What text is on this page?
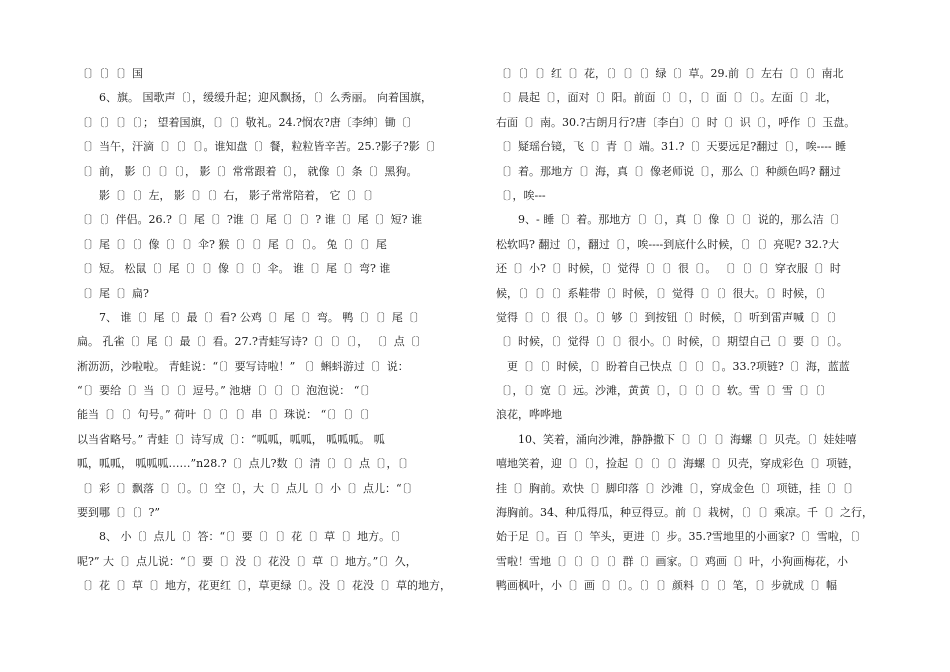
〔〕〔〕〔〕国
　　6、旗。 国歌声〔〕，缓缓升起；迎风飘扬，〔〕么秀丽。 向着国旗，
〔〕〔〕〔〕〔〕； 望着国旗，〔〕〔〕敬礼。24.?悯农?唐〔李绅〕锄〔〕
〔〕当午，汗滴〔〕〔〕〔〕。谁知盘〔〕餐，粒粒皆辛苦。25.?影子?影〔〕
〔〕前， 影〔〕〔〕〔〕， 影〔〕常常跟着〔〕， 就像〔〕条〔〕黑狗。
　　影〔〕〔〕左， 影〔〕〔〕右， 影子常常陪着， 它〔〕〔〕
〔〕〔〕伴侣。26.?〔〕尾〔〕?谁〔〕尾〔〕〔〕? 谁〔〕尾〔〕短? 谁
〔〕尾〔〕〔〕像〔〕〔〕伞? 猴〔〕〔〕尾〔〕〔〕。 兔〔〕〔〕尾
〔〕短。 松鼠〔〕尾〔〕〔〕像〔〕〔〕伞。 谁〔〕尾〔〕弯? 谁
〔〕尾〔〕扁?
　　7、 谁〔〕尾〔〕最〔〕看? 公鸡〔〕尾〔〕弯。 鸭〔〕〔〕尾〔〕
扁。 孔雀〔〕尾〔〕最〔〕看。27.?青蛙写诗?〔〕〔〕〔〕， 〔〕点〔〕
淅沥沥，沙啦啦。 青蛙说：“〔〕要写诗啦！” 〔〕蝌蚪游过〔〕说：
“〔〕要给〔〕当〔〕〔〕逗号。” 池塘〔〕〔〕〔〕泡泡说： “〔〕
能当〔〕〔〕句号。” 荷叶〔〕〔〕〔〕串〔〕珠说： “〔〕〔〕〔〕
以当省略号。” 青蛙〔〕诗写成〔〕：“呱呱，呱呱， 呱呱呱。 呱
呱，呱呱， 呱呱呱……”n28.?〔〕点儿?数〔〕清〔〕〔〕点〔〕，〔〕
〔〕彩〔〕飘落〔〕〔〕。〔〕空〔〕，大〔〕点儿〔〕小〔〕点儿：“〔〕
要到哪〔〕〔〕?”
　　8、 小〔〕点儿〔〕答：“〔〕要〔〕〔〕花〔〕草〔〕地方。〔〕
呢?” 大〔〕点儿说：“〔〕要〔〕没〔〕花没〔〕草〔〕地方。”〔〕久，
〔〕花〔〕草〔〕地方，花更红〔〕，草更绿〔〕。没〔〕花没〔〕草的地方，
〔〕〔〕〔〕红〔〕花，〔〕〔〕〔〕绿〔〕草。29.前〔〕左右〔〕〔〕南北
〔〕晨起〔〕，面对〔〕阳。前面〔〕〔〕，〔〕面〔〕〔〕。左面〔〕北，
右面〔〕南。30.?古朗月行?唐〔李白〕〔〕时〔〕识〔〕，呼作〔〕玉盘。
〔〕疑瑶台镜，飞〔〕青〔〕端。31.?〔〕天要远足?翻过〔〕，唉---- 睡
〔〕着。那地方〔〕海，真〔〕像老师说〔〕，那么〔〕种颜色吗? 翻过
〔〕，唉---
　　9、- 睡〔〕着。那地方〔〕〔〕，真〔〕像〔〕〔〕说的，那么洁〔〕
松软吗? 翻过〔〕，翻过〔〕，唉----到底什么时候，〔〕〔〕亮呢? 32.?大
还〔〕小?〔〕时候，〔〕觉得〔〕〔〕很〔〕。 〔〕〔〕〔〕穿衣服〔〕时
候，〔〕〔〕〔〕系鞋带〔〕时候，〔〕觉得〔〕〔〕很大。〔〕时候，〔〕
觉得〔〕〔〕很〔〕。〔〕够〔〕到按钮〔〕时候，〔〕听到雷声喊〔〕〔〕
〔〕时候，〔〕觉得〔〕〔〕很小。〔〕时候，〔〕期望自己〔〕要〔〕〔〕。
　更〔〕〔〕时候，〔〕盼着自己快点〔〕〔〕〔〕。33.?项链?〔〕海，蓝蓝
〔〕，〔〕宽〔〕远。沙滩，黄黄〔〕，〔〕〔〕〔〕软。雪〔〕雪〔〕〔〕
浪花，哗哗地
　　10、笑着，涌向沙滩，静静撒下〔〕〔〕〔〕海螺〔〕贝壳。〔〕娃娃嘻
嘻地笑着，迎〔〕〔〕，捡起〔〕〔〕〔〕海螺〔〕贝壳，穿成彩色〔〕项链，
挂〔〕胸前。欢快〔〕脚印落〔〕沙滩〔〕，穿成金色〔〕项链，挂〔〕〔〕
海胸前。34、种瓜得瓜，种豆得豆。前〔〕栽树，〔〕〔〕乘凉。千〔〕之行，
始于足〔〕。百〔〕竿头，更进〔〕步。35.?雪地里的小画家?〔〕雪啦，〔〕
雪啦！雪地〔〕〔〕〔〕〔〕群〔〕画家。〔〕鸡画〔〕叶，小狗画梅花，小
鸭画枫叶，小〔〕画〔〕〔〕。〔〕〔〕颜料〔〕〔〕笔，〔〕步就成〔〕幅
